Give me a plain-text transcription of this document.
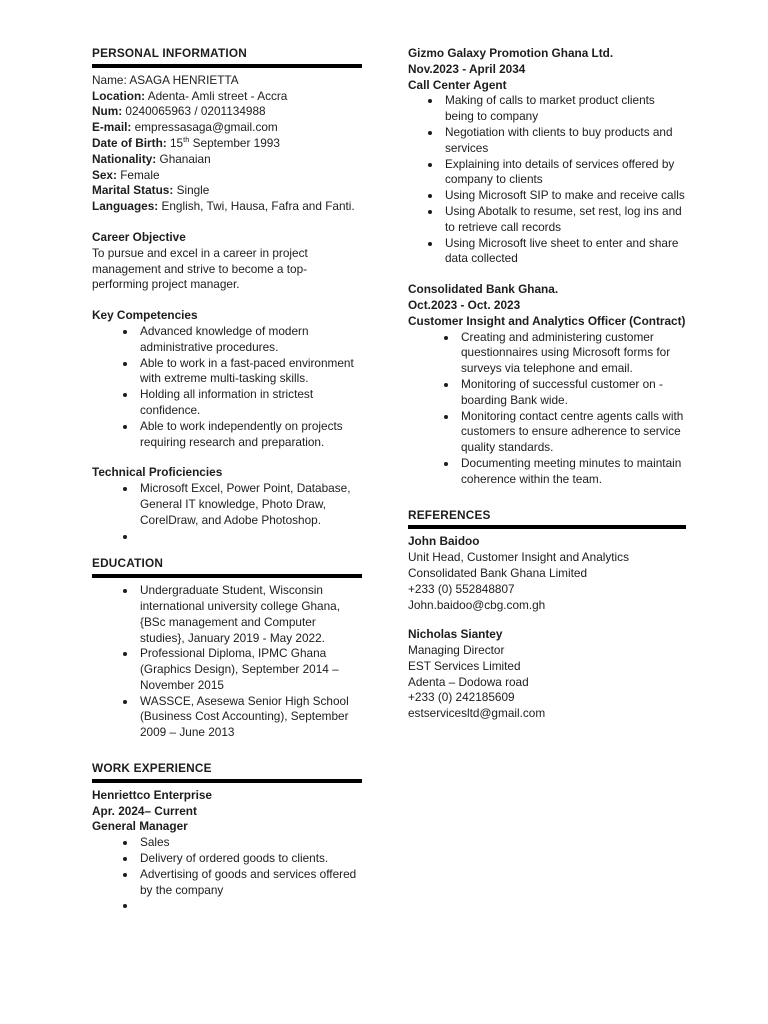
PERSONAL INFORMATION

Name: ASAGA HENRIETTA

Location: Adenta- Amli street - Accra

Num: 0240065963 / 0201134988

E-mail: empressasaga@gmail.com

Date of Birth: 15th September 1993

Nationality: Ghanaian

Sex: Female

Marital Status: Single

Languages: English, Twi, Hausa, Fafra and Fanti.

Career Objective

To pursue and excel in a career in project management and strive to become a top-performing project manager.

Key Competencies
• Advanced knowledge of modern administrative procedures.
• Able to work in a fast-paced environment with extreme multi-tasking skills.
• Holding all information in strictest confidence.
• Able to work independently on projects requiring research and preparation.
Technical Proficiencies
• Microsoft Excel, Power Point, Database, General IT knowledge, Photo Draw, CorelDraw, and Adobe Photoshop.
•
EDUCATION
• Undergraduate Student, Wisconsin international university college Ghana, {BSc management and Computer studies}, January 2019 - May 2022.
• Professional Diploma, IPMC Ghana (Graphics Design), September 2014 – November 2015
• WASSCE, Asesewa Senior High School (Business Cost Accounting), September 2009 – June 2013
WORK EXPERIENCE

Henriettco Enterprise

Apr. 2024– Current

General Manager

• Sales
• Delivery of ordered goods to clients.
• Advertising of goods and services offered by the company
•

Gizmo Galaxy Promotion Ghana Ltd.

Nov.2023 - April 2034

Call Center Agent

• Making of calls to market product clients being to company
• Negotiation with clients to buy products and services
• Explaining into details of services offered by company to clients
• Using Microsoft SIP to make and receive calls
• Using Abotalk to resume, set rest, log ins and to retrieve call records
• Using Microsoft live sheet to enter and share data collected

Consolidated Bank Ghana.

Oct.2023 - Oct. 2023

Customer Insight and Analytics Officer (Contract)

• Creating and administering customer questionnaires using Microsoft forms for surveys via telephone and email.
• Monitoring of successful customer on -boarding Bank wide.
• Monitoring contact centre agents calls with customers to ensure adherence to service quality standards.
• Documenting meeting minutes to maintain coherence within the team.
REFERENCES

John Baidoo

Unit Head, Customer Insight and Analytics

Consolidated Bank Ghana Limited

+233 (0) 552848807

John.baidoo@cbg.com.gh

Nicholas Siantey

Managing Director

EST Services Limited

Adenta – Dodowa road

+233 (0) 242185609

estservicesltd@gmail.com
